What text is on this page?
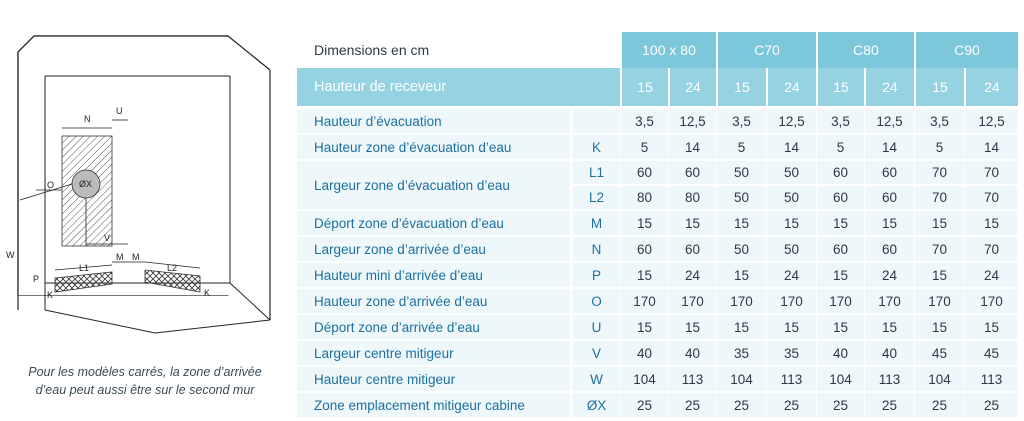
N
U
O	ØX
V
W
P
L1
M M
L2
K	K
Pour les modèles carrés, la zone d’arrivée
d’eau peut aussi être sur le second mur
Dimensions en cm		100 x 80		C70		C80		C90	
Hauteur de receveur		15	24	15	24	15	24	15	24
Hauteur d’évacuation		3,5	12,5	3,5	12,5	3,5	12,5	3,5	12,5
Hauteur zone d’évacuation d’eau	K	5	14	5	14	5	14	5	14
Largeur zone d’évacuation d’eau	L1	60	60	50	50	60	60	70	70
	L2	80	80	50	50	60	60	70	70
Déport zone d’évacuation d’eau	M	15	15	15	15	15	15	15	15
Largeur zone d’arrivée d’eau	N	60	60	50	50	60	60	70	70
Hauteur mini d’arrivée d’eau	P	15	24	15	24	15	24	15	24
Hauteur zone d’arrivée d’eau	O	170	170	170	170	170	170	170	170
Déport zone d’arrivée d’eau	U	15	15	15	15	15	15	15	15
Largeur centre mitigeur	V	40	40	35	35	40	40	45	45
Hauteur centre mitigeur	W	104	113	104	113	104	113	104	113
Zone emplacement mitigeur cabine	ØX	25	25	25	25	25	25	25	25
